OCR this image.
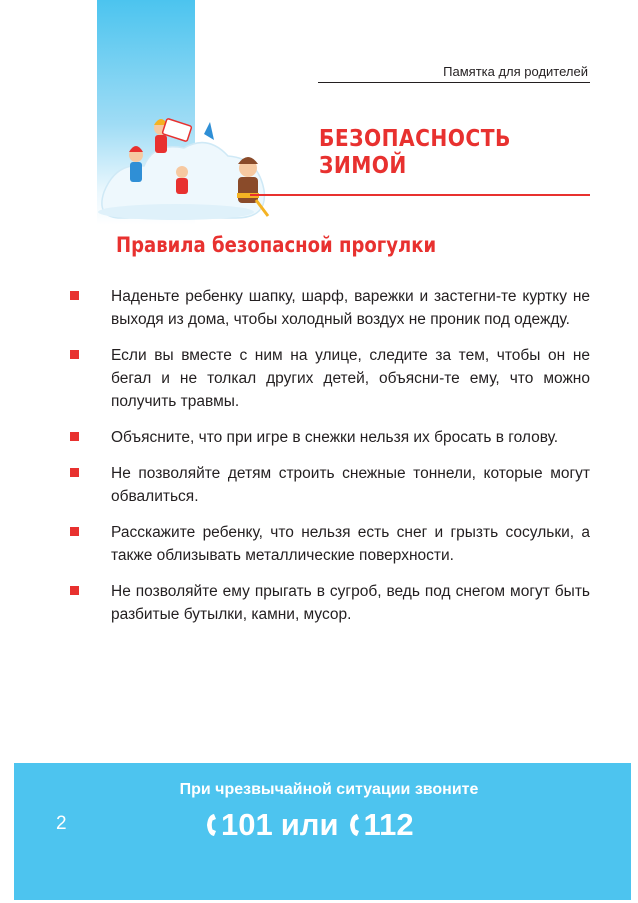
Памятка для родителей
БЕЗОПАСНОСТЬ
ЗИМОЙ
Правила безопасной прогулки
Наденьте ребенку шапку, шарф, варежки и застегни-те куртку не выходя из дома, чтобы холодный воздух не проник под одежду.
Если вы вместе с ним на улице, следите за тем, чтобы он не бегал и не толкал других детей, объясни-те ему, что можно получить травмы.
Объясните, что при игре в снежки нельзя их бросать в голову.
Не позволяйте детям строить снежные тоннели, которые могут обвалиться.
Расскажите ребенку, что нельзя есть снег и грызть сосульки, а также облизывать металлические поверхности.
Не позволяйте ему прыгать в сугроб, ведь под снегом могут быть разбитые бутылки, камни, мусор.
2
При чрезвычайной ситуации звоните
101 или 112
